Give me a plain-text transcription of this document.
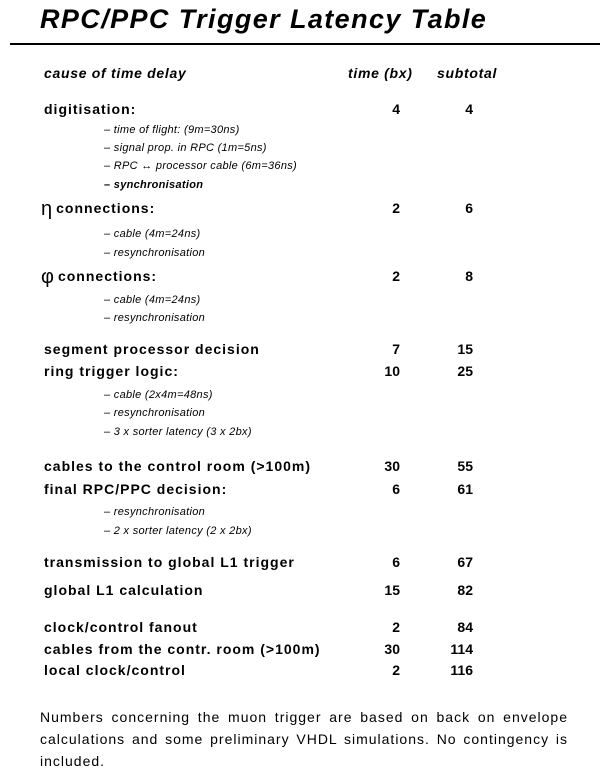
RPC/PPC Trigger Latency Table
cause of time delay	time (bx) subtotal
digitisation:	4	4
– time of flight: (9m=30ns)
– signal prop. in RPC (1m=5ns)
– RPC ↔ processor cable (6m=36ns)
– synchronisation
η connections:	2	6
– cable (4m=24ns)
– resynchronisation
φ connections:	2	8
– cable (4m=24ns)
– resynchronisation
segment processor decision	7	15
ring trigger logic:	10	25
– cable (2x4m=48ns)
– resynchronisation
– 3 x sorter latency (3 x 2bx)
cables to the control room (>100m)	30	55
final RPC/PPC decision:	6	61
– resynchronisation
– 2 x sorter latency (2 x 2bx)
transmission to global L1 trigger	6	67
global L1 calculation	15	82
clock/control fanout	2	84
cables from the contr. room (>100m)	30	114
local clock/control	2	116
Numbers concerning the muon trigger are based on back on envelope calculations and some preliminary VHDL simulations. No contingency is included.
